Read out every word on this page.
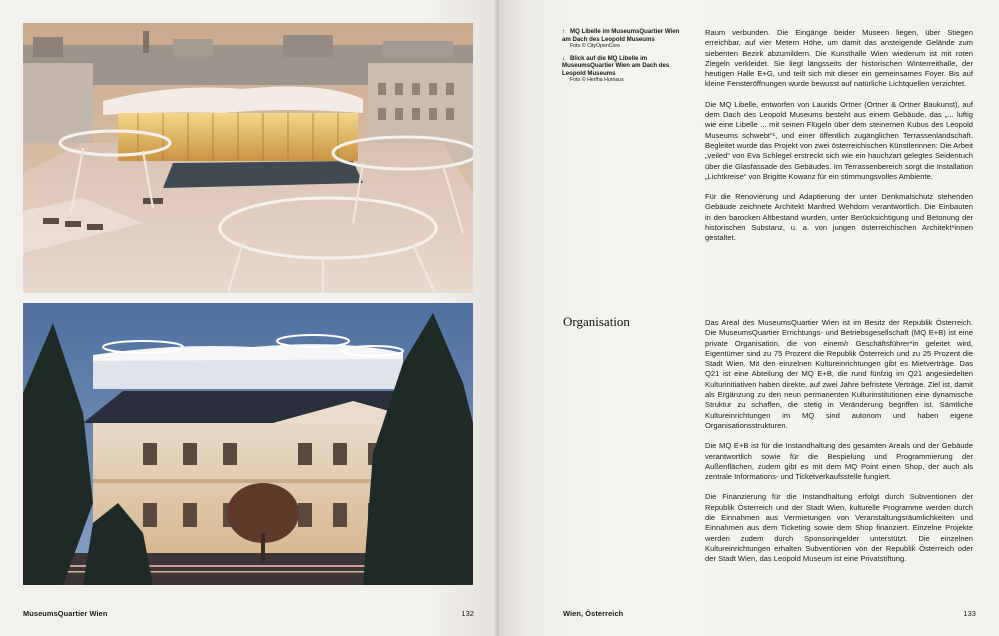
MuseumsQuartier Wien	132
↑ MQ Libelle im MuseumsQuartier Wien am Dach des Leopold Museums
Foto © CityOpenCore
↓ Blick auf die MQ Libelle im MuseumsQuartier Wien am Dach des Leopold Museums
Foto © Hertha Hurnaus

Raum verbunden. Die Eingänge beider Museen liegen, über Stiegen erreichbar, auf vier Metern Höhe, um damit das ansteigende Gelände zum siebenten Bezirk abzumildern. Die Kunsthalle Wien wiederum ist mit roten Ziegeln verkleidet. Sie liegt längsseits der historischen Winterreithalle, der heutigen Halle E+G, und teilt sich mit dieser ein gemeinsames Foyer. Bis auf kleine Fensteröffnungen wurde bewusst auf natürliche Lichtquellen verzichtet.

Die MQ Libelle, entworfen von Laurids Ortner (Ortner & Ortner Baukunst), auf dem Dach des Leopold Museums besteht aus einem Gebäude, das „... luftig wie eine Libelle ... mit seinen Flügeln über dem steinernen Kubus des Leopold Museums schwebt“¹, und einer öffentlich zugänglichen Terrassenlandschaft. Begleitet wurde das Projekt von zwei österreichischen Künstlerinnen: Die Arbeit „veiled“ von Eva Schlegel erstreckt sich wie ein hauchzart gelegtes Seidentuch über die Glasfassade des Gebäudes. Im Terrassenbereich sorgt die Installation „Lichtkreise“ von Brigitte Kowanz für ein stimmungsvolles Ambiente.

Für die Renovierung und Adaptierung der unter Denkmalschutz stehenden Gebäude zeichnete Architekt Manfred Wehdorn verantwortlich. Die Einbauten in den barocken Altbestand wurden, unter Berücksichtigung und Betonung der historischen Substanz, u. a. von jungen österreichischen Architekt*innen gestaltet.

Organisation	Das Areal des MuseumsQuartier Wien ist im Besitz der Republik Österreich. Die MuseumsQuartier Errichtungs- und Betriebsgesellschaft (MQ E+B) ist eine private Organisation, die von einem/r Geschäftsführer*in geleitet wird, Eigentümer sind zu 75 Prozent die Republik Österreich und zu 25 Prozent die Stadt Wien. Mit den einzelnen Kultureinrichtungen gibt es Mietverträge. Das Q21 ist eine Abteilung der MQ E+B, die rund fünfzig im Q21 angesiedelten Kulturinitiativen haben direkte, auf zwei Jahre befristete Verträge. Ziel ist, damit als Ergänzung zu den neun permanenten Kulturinstitutionen eine dynamische Struktur zu schaffen, die stetig in Veränderung begriffen ist. Sämtliche Kultureinrichtungen im MQ sind autonom und haben eigene Organisationsstrukturen.

Die MQ E+B ist für die Instandhaltung des gesamten Areals und der Gebäude verantwortlich sowie für die Bespielung und Programmierung der Außenflächen, zudem gibt es mit dem MQ Point einen Shop, der auch als zentrale Informations- und Ticketverkaufsstelle fungiert.

Die Finanzierung für die Instandhaltung erfolgt durch Subventionen der Republik Österreich und der Stadt Wien, kulturelle Programme werden durch die Einnahmen aus Vermietungen von Veranstaltungsräumlichkeiten und Einnahmen aus dem Ticketing sowie dem Shop finanziert. Einzelne Projekte werden zudem durch Sponsoringelder unterstützt. Die einzelnen Kultureinrichtungen erhalten Subventionen von der Republik Österreich oder der Stadt Wien, das Leopold Museum ist eine Privatstiftung.

Wien, Österreich	133
